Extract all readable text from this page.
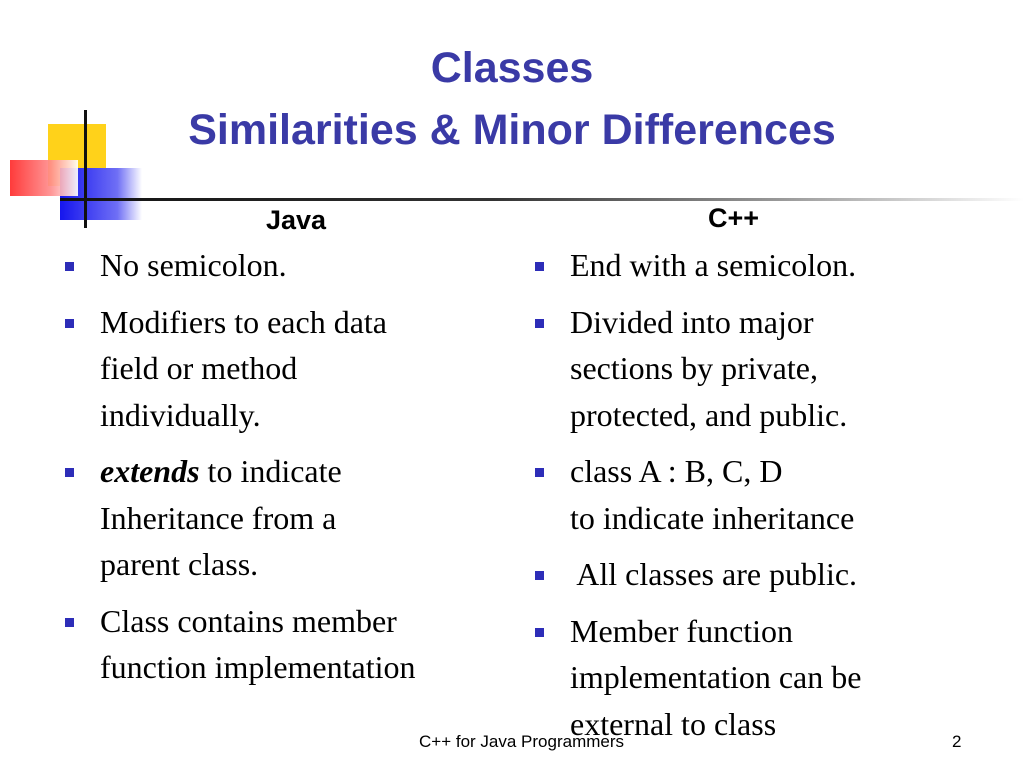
Classes
Similarities & Minor Differences
Java	C++
No semicolon.
Modifiers to each data
field or method
individually.
extends to indicate
Inheritance from a
parent class.
Class contains member
function implementation
End with a semicolon.
Divided into major
sections by private,
protected, and public.
class A : B, C, D
to indicate inheritance
All classes are public.
Member function
implementation can be
external to class
C++ for Java Programmers	2
